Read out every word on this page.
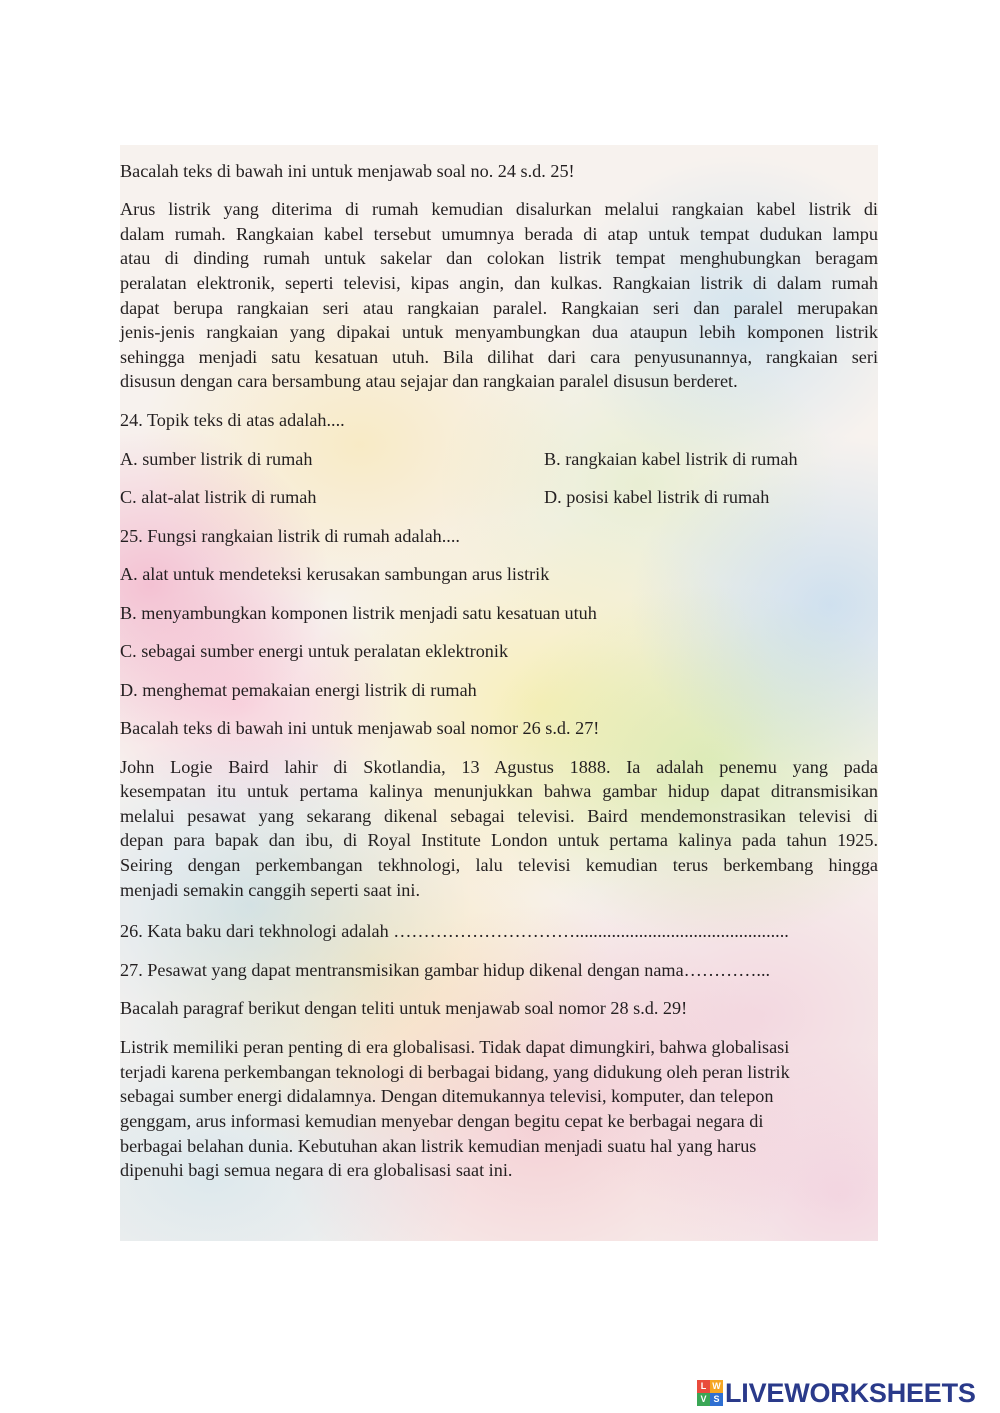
Bacalah teks di bawah ini untuk menjawab soal no. 24 s.d. 25!

Arus listrik yang diterima di rumah kemudian disalurkan melalui rangkaian kabel listrik di
dalam rumah. Rangkaian kabel tersebut umumnya berada di atap untuk tempat dudukan lampu
atau di dinding rumah untuk sakelar dan colokan listrik tempat menghubungkan beragam
peralatan elektronik, seperti televisi, kipas angin, dan kulkas. Rangkaian listrik di dalam rumah
dapat berupa rangkaian seri atau rangkaian paralel. Rangkaian seri dan paralel merupakan
jenis-jenis rangkaian yang dipakai untuk menyambungkan dua ataupun lebih komponen listrik
sehingga menjadi satu kesatuan utuh. Bila dilihat dari cara penyusunannya, rangkaian seri

disusun dengan cara bersambung atau sejajar dan rangkaian paralel disusun berderet.

24. Topik teks di atas adalah....

A. sumber listrik di rumah	B. rangkaian kabel listrik di rumah

C. alat-alat listrik di rumah	D. posisi kabel listrik di rumah

25. Fungsi rangkaian listrik di rumah adalah....

A. alat untuk mendeteksi kerusakan sambungan arus listrik

B. menyambungkan komponen listrik menjadi satu kesatuan utuh

C. sebagai sumber energi untuk peralatan eklektronik

D. menghemat pemakaian energi listrik di rumah

Bacalah teks di bawah ini untuk menjawab soal nomor 26 s.d. 27!

John Logie Baird lahir di Skotlandia, 13 Agustus 1888. Ia adalah penemu yang pada
kesempatan itu untuk pertama kalinya menunjukkan bahwa gambar hidup dapat ditransmisikan
melalui pesawat yang sekarang dikenal sebagai televisi. Baird mendemonstrasikan televisi di
depan para bapak dan ibu, di Royal Institute London untuk pertama kalinya pada tahun 1925.
Seiring dengan perkembangan tekhnologi, lalu televisi kemudian terus berkembang hingga

menjadi semakin canggih seperti saat ini.

26. Kata baku dari tekhnologi adalah …………………………...............................................

27. Pesawat yang dapat mentransmisikan gambar hidup dikenal dengan nama…………...

Bacalah paragraf berikut dengan teliti untuk menjawab soal nomor 28 s.d. 29!

Listrik memiliki peran penting di era globalisasi. Tidak dapat dimungkiri, bahwa globalisasi

terjadi karena perkembangan teknologi di berbagai bidang, yang didukung oleh peran listrik

sebagai sumber energi didalamnya. Dengan ditemukannya televisi, komputer, dan telepon

genggam, arus informasi kemudian menyebar dengan begitu cepat ke berbagai negara di

berbagai belahan dunia. Kebutuhan akan listrik kemudian menjadi suatu hal yang harus

dipenuhi bagi semua negara di era globalisasi saat ini.

L W
V S LIVEWORKSHEETS
